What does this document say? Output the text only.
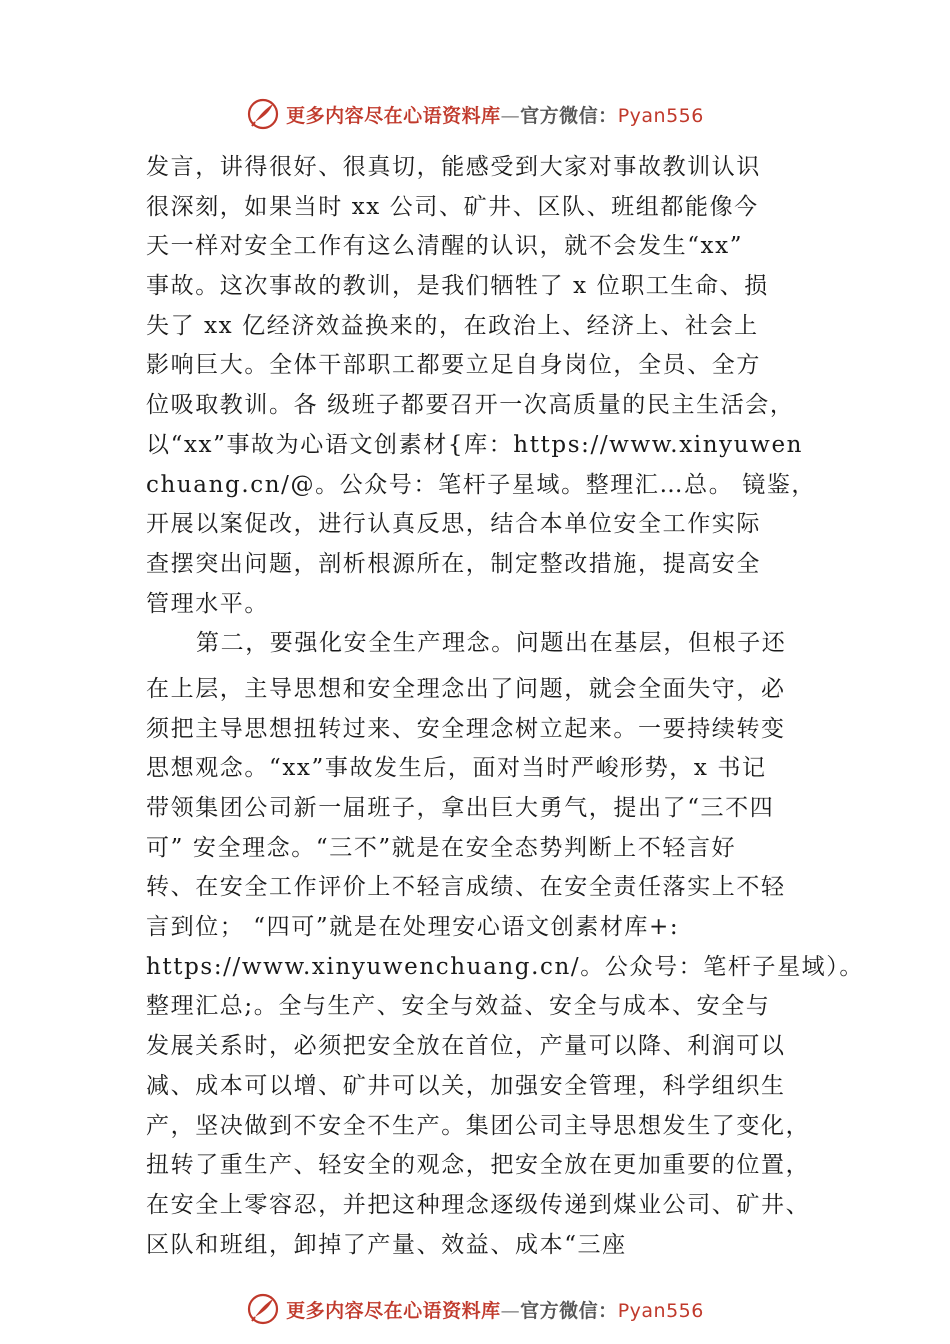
更多内容尽在心语资料库—官方微信：Pyan556
发言，讲得很好、很真切，能感受到大家对事故教训认识
很深刻，如果当时 xx 公司、矿井、区队、班组都能像今
天一样对安全工作有这么清醒的认识，就不会发生“xx”
事故。这次事故的教训，是我们牺牲了 x 位职工生命、损
失了 xx 亿经济效益换来的，在政治上、经济上、社会上
影响巨大。全体干部职工都要立足自身岗位，全员、全方
位吸取教训。各 级班子都要召开一次高质量的民主生活会，
以“xx”事故为心语文创素材{库：https://www.xinyuwen
chuang.cn/@。公众号：笔杆子星域。整理汇…总。 镜鉴，
开展以案促改，进行认真反思，结合本单位安全工作实际
查摆突出问题，剖析根源所在，制定整改措施，提高安全
管理水平。
第二，要强化安全生产理念。问题出在基层，但根子还
在上层，主导思想和安全理念出了问题，就会全面失守，必
须把主导思想扭转过来、安全理念树立起来。一要持续转变
思想观念。“xx”事故发生后，面对当时严峻形势，x 书记
带领集团公司新一届班子，拿出巨大勇气，提出了“三不四
可” 安全理念。“三不”就是在安全态势判断上不轻言好
转、在安全工作评价上不轻言成绩、在安全责任落实上不轻
言到位； “四可”就是在处理安心语文创素材库+:
https://www.xinyuwenchuang.cn/。公众号：笔杆子星域）。
整理汇总;。全与生产、安全与效益、安全与成本、安全与
发展关系时，必须把安全放在首位，产量可以降、利润可以
减、成本可以增、矿井可以关，加强安全管理，科学组织生
产，坚决做到不安全不生产。集团公司主导思想发生了变化，
扭转了重生产、轻安全的观念，把安全放在更加重要的位置，
在安全上零容忍，并把这种理念逐级传递到煤业公司、矿井、
区队和班组，卸掉了产量、效益、成本“三座
更多内容尽在心语资料库—官方微信：Pyan556
